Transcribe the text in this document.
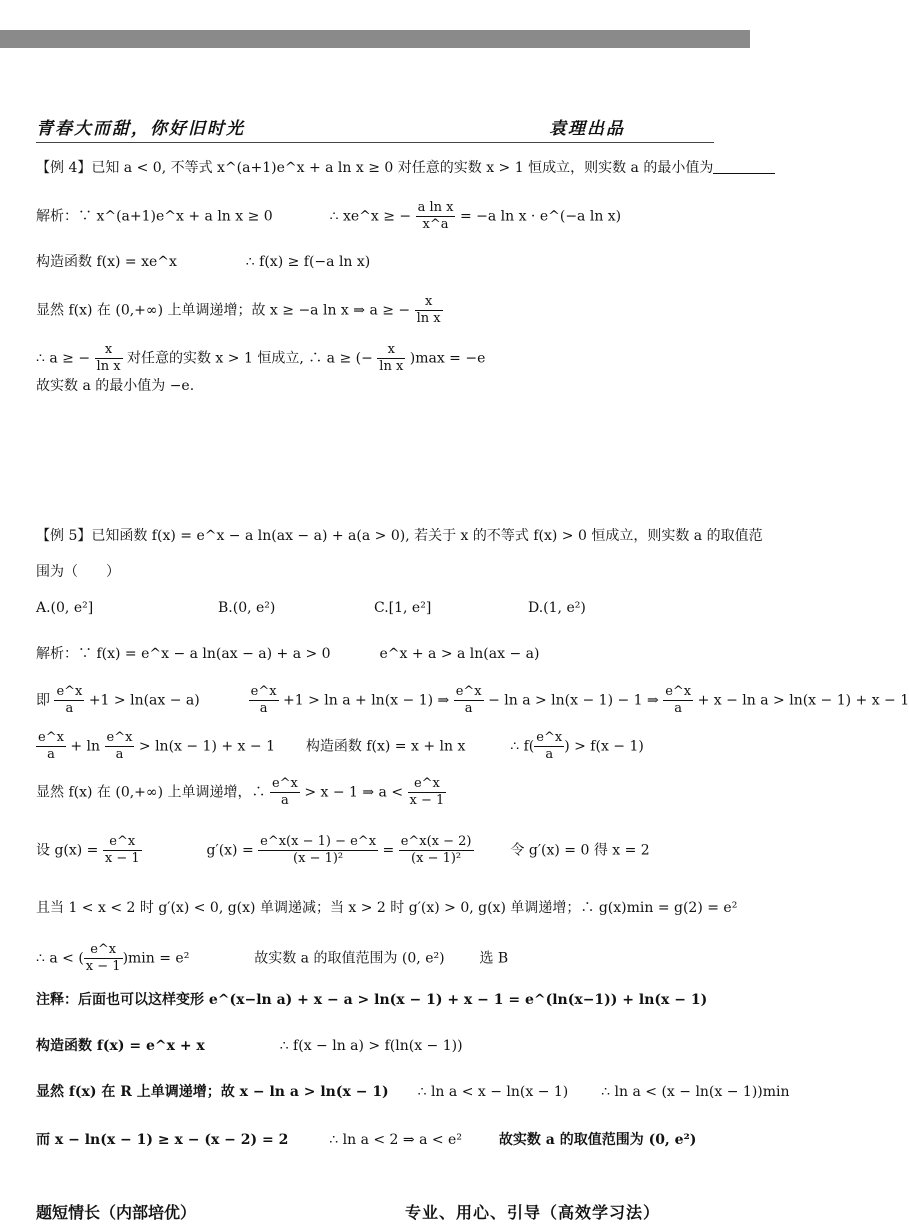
青春大而甜，你好旧时光	袁理出品
【例 4】已知 a < 0, 不等式 x^(a+1)e^x + a ln x ≥ 0 对任意的实数 x > 1 恒成立，则实数 a 的最小值为
解析：∵ x^(a+1)e^x + a ln x ≥ 0	∴ xe^x ≥ − $\frac{\text{a ln x}}{x\^{}a} = -a$ ln x · e^(−a ln x)
构造函数 f(x) = xe^x	∴ f(x) ≥ f(−a ln x)
显然 f(x) 在 (0,+∞) 上单调递增；故 x ≥ −a ln x ⇒ a ≥ − $\frac{x}{\text{ln x}}$
∴ a ≥ − $\frac{x}{\text{ln x}}$ 对任意的实数 x > 1 恒成立, ∴ a ≥ (− $\frac{x}{\text{ln x}} )\max = -e$
故实数 a 的最小值为 −e.
【例 5】已知函数 f(x) = e^x − a ln(ax − a) + a(a > 0), 若关于 x 的不等式 f(x) > 0 恒成立，则实数 a 的取值范
围为（　　）
A.(0, e²]	B.(0, e²)	C.[1, e²]	D.(1, e²)
解析：∵ f(x) = e^x − a ln(ax − a) + a > 0	e^x + a > a ln(ax − a)
即 $\frac{e\^{}x}{a} +1 > \ln(ax - a)$	$\frac{e\^{}x}{a} +1 > \ln a + \ln(x - 1)$ ⇒ $\frac{e\^{}x}{a} - \ln a > \ln(x - 1) - 1$ ⇒ $\frac{e\^{}x}{a} + x - \ln a > \ln(x - 1) + x - 1$
$\frac{e\^{}x}{a} + \ln \frac{e\^{}x}{a} > \ln(x - 1) + x - 1$ 构造函数 f(x) = x + ln x	∴ $f( \frac{e\^{}x}{a}$ ) > f(x − 1)
显然 f(x) 在 (0,+∞) 上单调递增，∴ $\frac{e\^{}x}{a} > x - 1$ ⇒ $a < \frac{e\^{}x}{x - 1}$
设 $g(x) = \frac{e\^{}x}{x - 1}$	$g'(x) = \frac{e\^{}x(x - 1) - e\^{}x}{\text{(x − 1)²}} = \frac{e\^{}x(x - 2)}{\text{(x − 1)²}}$	令 g′(x) = 0 得 x = 2
且当 1 < x < 2 时 g′(x) < 0, g(x) 单调递减；当 x > 2 时 g′(x) > 0, g(x) 单调递增；∴ g(x)min = g(2) = e²
∴ a < ( $\frac{e\^{}x}{x - 1} )\min = e^2$	故实数 a 的取值范围为 (0, e²) 选 B
注释：后面也可以这样变形 e^(x−ln a) + x − a > ln(x − 1) + x − 1 = e^(ln(x−1)) + ln(x − 1)
构造函数 f(x) = e^x + x	∴ f(x − ln a) > f(ln(x − 1))
显然 f(x) 在 R 上单调递增；故 x − ln a > ln(x − 1) ∴ ln a < x − ln(x − 1) ∴ ln a < (x − ln(x − 1))min
而 x − ln(x − 1) ≥ x − (x − 2) = 2	∴ ln a < 2 ⇒ a < e²	故实数 a 的取值范围为 (0, e²)
题短情长（内部培优）	专业、用心、引导（高效学习法）
